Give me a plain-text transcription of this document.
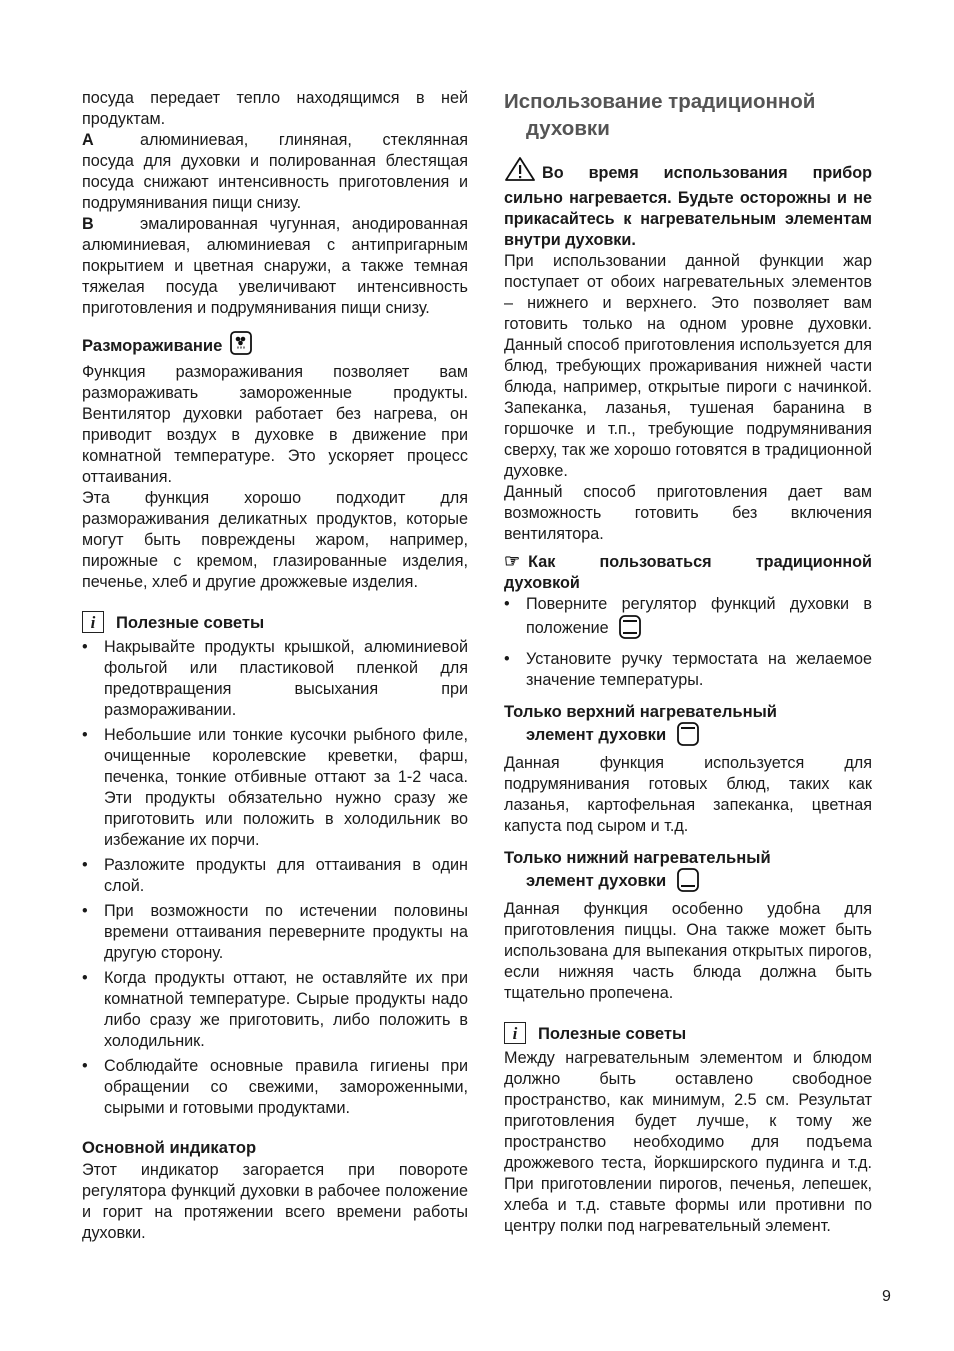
посуда передает тепло находящимся в ней продуктам.

A	алюминиевая, глиняная, стеклянная посуда для духовки и полированная блестящая посуда снижают интенсивность приготовления и подрумянивания пищи снизу.

B	эмалированная чугунная, анодированная алюминиевая, алюминиевая с антипригарным покрытием и цветная снаружи, а также темная тяжелая посуда увеличивают интенсивность приготовления и подрумянивания пищи снизу.

Размораживание °°°

Функция размораживания позволяет вам размораживать замороженные продукты. Вентилятор духовки работает без нагрева, он приводит воздух в духовке в движение при комнатной температуре. Это ускоряет процесс оттаивания.

Эта функция хорошо подходит для размораживания деликатных продуктов, которые могут быть повреждены жаром, например, пирожные с кремом, глазированные изделия, печенье, хлеб и другие дрожжевые изделия.

i	Полезные советы
• Накрывайте продукты крышкой, алюминиевой фольгой или пластиковой пленкой для предотвращения высыхания при размораживании.
• Небольшие или тонкие кусочки рыбного филе, очищенные королевские креветки, фарш, печенка, тонкие отбивные оттают за 1-2 часа. Эти продукты обязательно нужно сразу же приготовить или положить в холодильник во избежание их порчи.
• Разложите продукты для оттаивания в один слой.
• При возможности по истечении половины времени оттаивания переверните продукты на другую сторону.
• Когда продукты оттают, не оставляйте их при комнатной температуре. Сырые продукты надо либо сразу же приготовить, либо положить в холодильник.
• Соблюдайте основные правила гигиены при обращении со свежими, замороженными, сырыми и готовыми продуктами.
Основной индикатор

Этот индикатор загорается при повороте регулятора функций духовки в рабочее положение и горит на протяжении всего времени работы духовки.

Использование традиционной
духовки

Во время использования прибор сильно нагревается. Будьте осторожны и не прикасайтесь к нагревательным элементам внутри духовки.

При использовании данной функции жар поступает от обоих нагревательных элементов – нижнего и верхнего. Это позволяет вам готовить только на одном уровне духовки. Данный способ приготовления используется для блюд, требующих прожаривания нижней части блюда, например, открытые пироги с начинкой. Запеканка, лазанья, тушеная баранина в горшочке и т.п., требующие подрумянивания сверху, так же хорошо готовятся в традиционной духовке.

Данный способ приготовления дает вам возможность готовить без включения вентилятора.

☞ Как пользоваться традиционной духовкой

• Поверните регулятор функций духовки в положение
• Установите ручку термостата на желаемое значение температуры.
Только верхний нагревательный
элемент духовки

Данная функция используется для подрумянивания готовых блюд, таких как лазанья, картофельная запеканка, цветная капуста под сыром и т.д.

Только нижний нагревательный
элемент духовки

Данная функция особенно удобна для приготовления пиццы. Она также может быть использована для выпекания открытых пирогов, если нижняя часть блюда должна быть тщательно пропечена.

i	Полезные советы

Между нагревательным элементом и блюдом должно быть оставлено свободное пространство, как минимум, 2.5 см. Результат приготовления будет лучше, к тому же пространство необходимо для подъема дрожжевого теста, йоркширского пудинга и т.д. При приготовлении пирогов, печенья, лепешек, хлеба и т.д. ставьте формы или противни по центру полки под нагревательный элемент.

9
